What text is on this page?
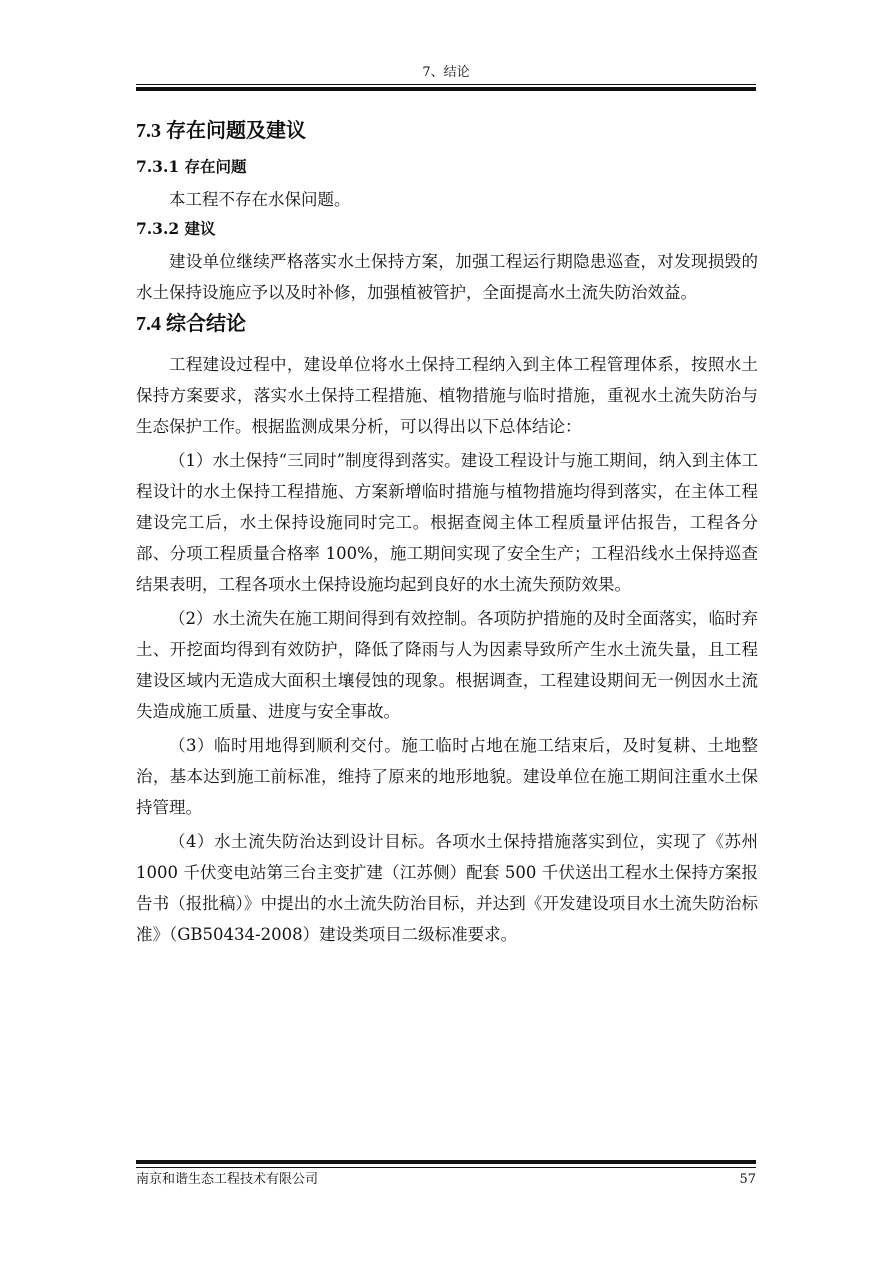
7、结论
7.3 存在问题及建议
7.3.1 存在问题

本工程不存在水保问题。

7.3.2 建议

建设单位继续严格落实水土保持方案，加强工程运行期隐患巡查，对发现损毁的水土保持设施应予以及时补修，加强植被管护，全面提高水土流失防治效益。

7.4 综合结论

工程建设过程中，建设单位将水土保持工程纳入到主体工程管理体系，按照水土保持方案要求，落实水土保持工程措施、植物措施与临时措施，重视水土流失防治与生态保护工作。根据监测成果分析，可以得出以下总体结论：

（1）水土保持“三同时”制度得到落实。建设工程设计与施工期间，纳入到主体工程设计的水土保持工程措施、方案新增临时措施与植物措施均得到落实，在主体工程建设完工后，水土保持设施同时完工。根据查阅主体工程质量评估报告，工程各分部、分项工程质量合格率 100%，施工期间实现了安全生产；工程沿线水土保持巡查结果表明，工程各项水土保持设施均起到良好的水土流失预防效果。

（2）水土流失在施工期间得到有效控制。各项防护措施的及时全面落实，临时弃土、开挖面均得到有效防护，降低了降雨与人为因素导致所产生水土流失量，且工程建设区域内无造成大面积土壤侵蚀的现象。根据调查，工程建设期间无一例因水土流失造成施工质量、进度与安全事故。

（3）临时用地得到顺利交付。施工临时占地在施工结束后，及时复耕、土地整治，基本达到施工前标准，维持了原来的地形地貌。建设单位在施工期间注重水土保持管理。

（4）水土流失防治达到设计目标。各项水土保持措施落实到位，实现了《苏州 1000 千伏变电站第三台主变扩建（江苏侧）配套 500 千伏送出工程水土保持方案报告书（报批稿）》中提出的水土流失防治目标，并达到《开发建设项目水土流失防治标准》（GB50434-2008）建设类项目二级标准要求。

南京和谐生态工程技术有限公司	57
